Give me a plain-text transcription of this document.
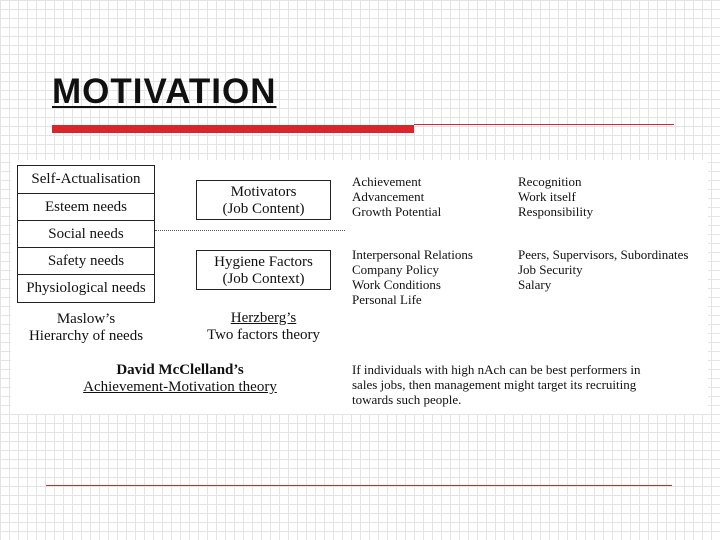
MOTIVATION
Self-Actualisation
Esteem needs
Social needs
Safety needs
Physiological needs
Maslow’s
Hierarchy of needs
Motivators
(Job Content)
Hygiene Factors
(Job Context)
Herzberg’s
Two factors theory
Achievement
Advancement
Growth Potential
Recognition
Work itself
Responsibility
Interpersonal Relations
Company Policy
Work Conditions
Personal Life
Peers, Supervisors, Subordinates
Job Security
Salary
David McClelland’s
Achievement-Motivation theory
If individuals with high nAch can be best performers in
sales jobs, then management might target its recruiting
towards such people.
